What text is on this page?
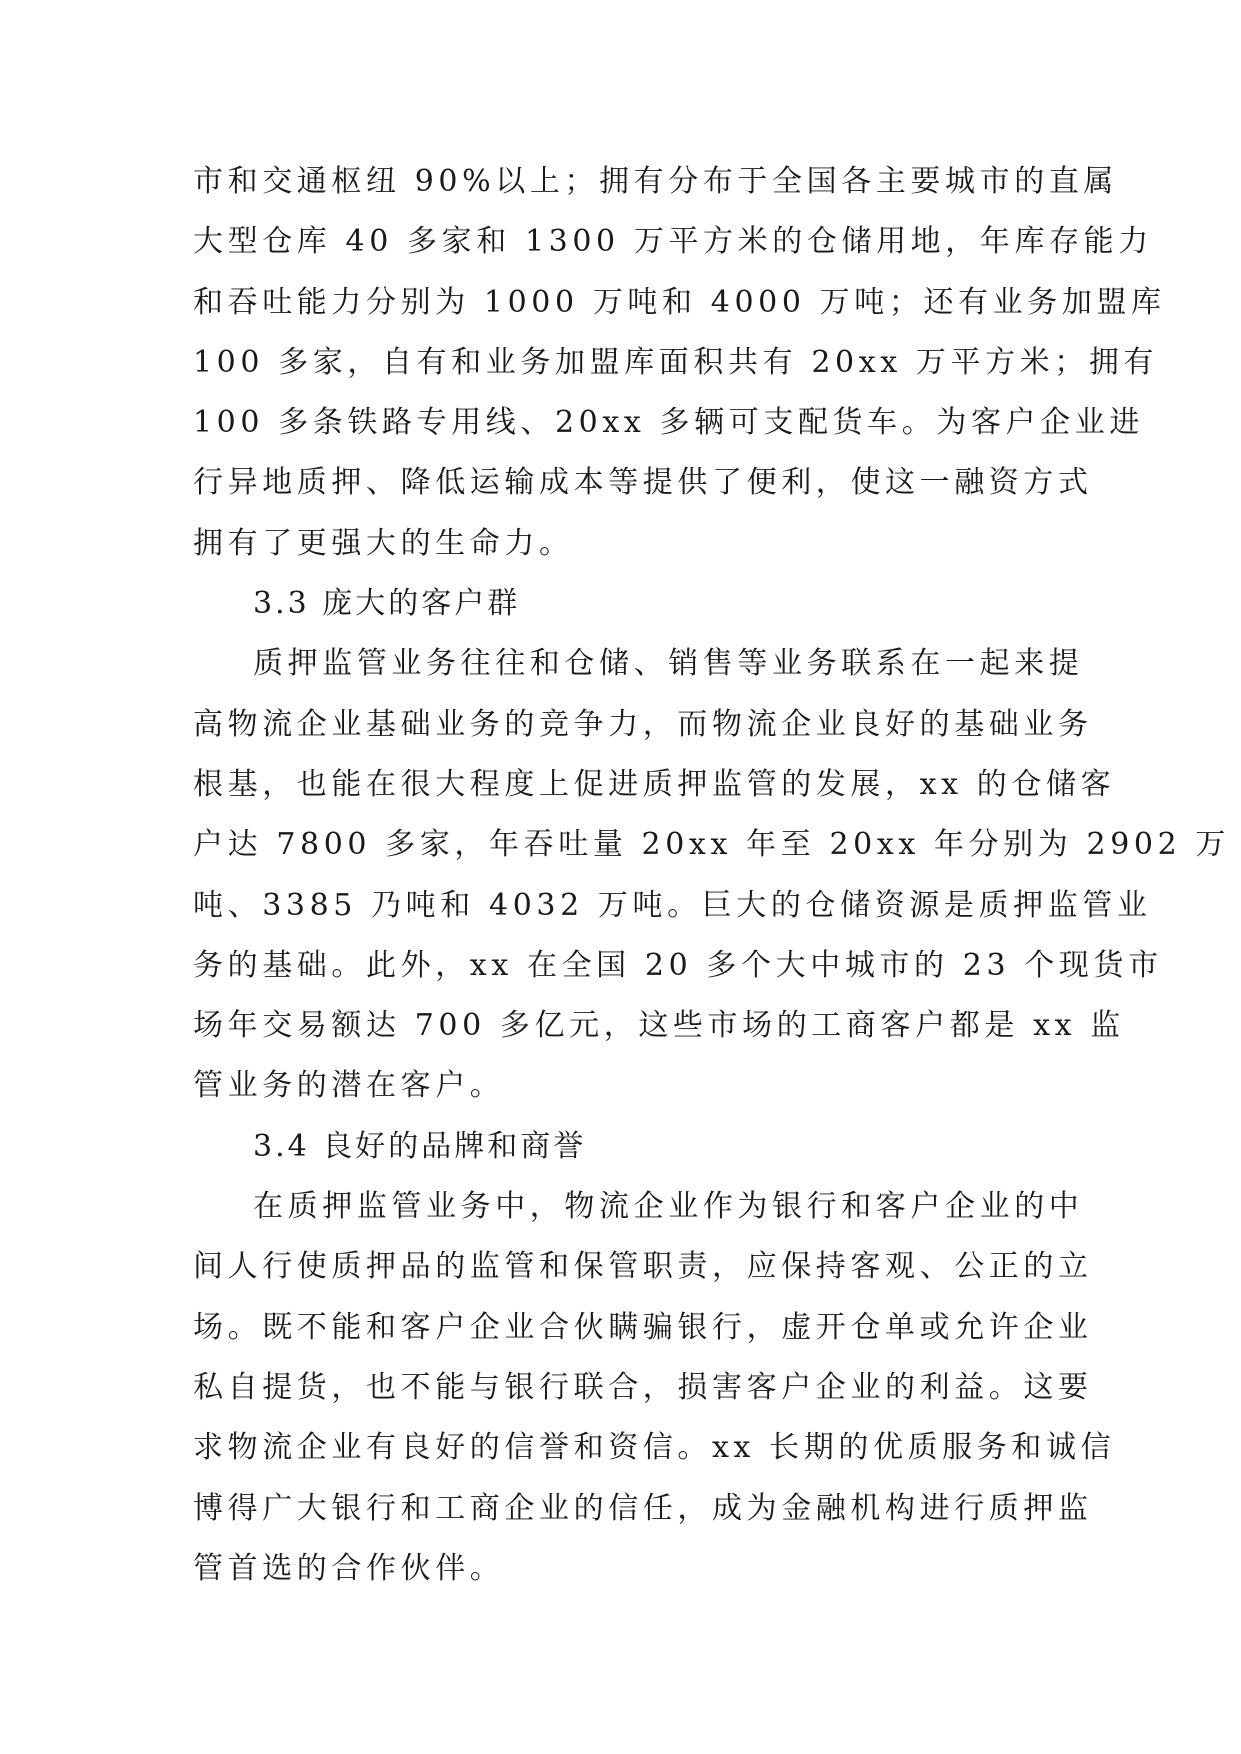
市和交通枢纽 90%以上；拥有分布于全国各主要城市的直属
大型仓库 40 多家和 1300 万平方米的仓储用地，年库存能力
和吞吐能力分别为 1000 万吨和 4000 万吨；还有业务加盟库
100 多家，自有和业务加盟库面积共有 20xx 万平方米；拥有
100 多条铁路专用线、20xx 多辆可支配货车。为客户企业进
行异地质押、降低运输成本等提供了便利，使这一融资方式
拥有了更强大的生命力。
3.3 庞大的客户群
质押监管业务往往和仓储、销售等业务联系在一起来提
高物流企业基础业务的竞争力，而物流企业良好的基础业务
根基，也能在很大程度上促进质押监管的发展，xx 的仓储客
户达 7800 多家，年吞吐量 20xx 年至 20xx 年分别为 2902 万
吨、3385 乃吨和 4032 万吨。巨大的仓储资源是质押监管业
务的基础。此外，xx 在全国 20 多个大中城市的 23 个现货市
场年交易额达 700 多亿元，这些市场的工商客户都是 xx 监
管业务的潜在客户。
3.4 良好的品牌和商誉
在质押监管业务中，物流企业作为银行和客户企业的中
间人行使质押品的监管和保管职责，应保持客观、公正的立
场。既不能和客户企业合伙瞒骗银行，虚开仓单或允许企业
私自提货，也不能与银行联合，损害客户企业的利益。这要
求物流企业有良好的信誉和资信。xx 长期的优质服务和诚信
博得广大银行和工商企业的信任，成为金融机构进行质押监
管首选的合作伙伴。
